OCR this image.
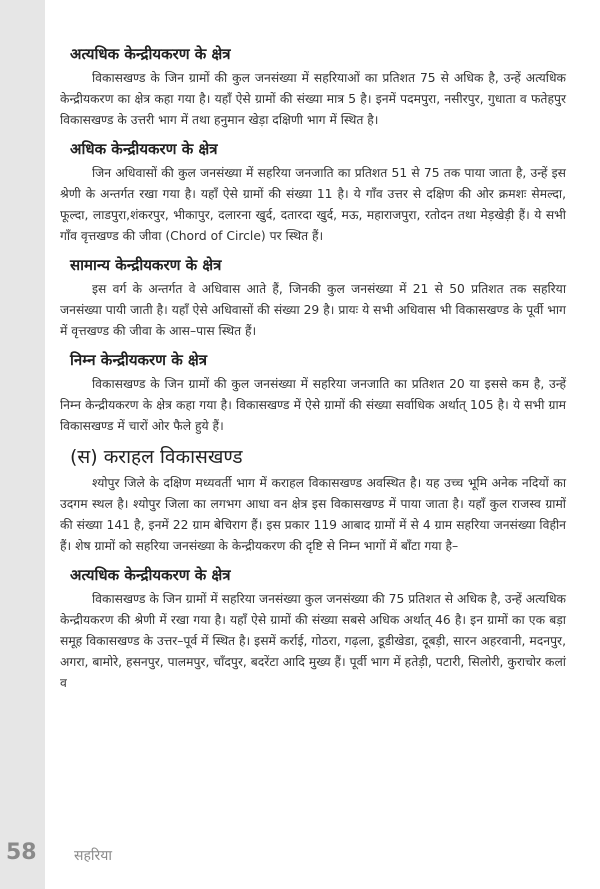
अत्यधिक केन्द्रीयकरण के क्षेत्र

विकासखण्ड के जिन ग्रामों की कुल जनसंख्या में सहरियाओं का प्रतिशत 75 से अधिक है, उन्हें अत्यधिक केन्द्रीयकरण का क्षेत्र कहा गया है। यहाँ ऐसे ग्रामों की संख्या मात्र 5 है। इनमें पदमपुरा, नसीरपुर, गुधाता व फतेहपुर विकासखण्ड के उत्तरी भाग में तथा हनुमान खेड़ा दक्षिणी भाग में स्थित है।

अधिक केन्द्रीयकरण के क्षेत्र

जिन अधिवासों की कुल जनसंख्या में सहरिया जनजाति का प्रतिशत 51 से 75 तक पाया जाता है, उन्हें इस श्रेणी के अन्तर्गत रखा गया है। यहाँ ऐसे ग्रामों की संख्या 11 है। ये गाँव उत्तर से दक्षिण की ओर क्रमशः सेमल्दा, फूल्दा, लाडपुरा,शंकरपुर, भीकापुर, दलारना खुर्द, दतारदा खुर्द, मऊ, महाराजपुरा, रतोदन तथा मेड़खेड़ी हैं। ये सभी गाँव वृत्तखण्ड की जीवा (Chord of Circle) पर स्थित हैं।

सामान्य केन्द्रीयकरण के क्षेत्र

इस वर्ग के अन्तर्गत वे अधिवास आते हैं, जिनकी कुल जनसंख्या में 21 से 50 प्रतिशत तक सहरिया जनसंख्या पायी जाती है। यहाँ ऐसे अधिवासों की संख्या 29 है। प्रायः ये सभी अधिवास भी विकासखण्ड के पूर्वी भाग में वृत्तखण्ड की जीवा के आस–पास स्थित हैं।

निम्न केन्द्रीयकरण के क्षेत्र

विकासखण्ड के जिन ग्रामों की कुल जनसंख्या में सहरिया जनजाति का प्रतिशत 20 या इससे कम है, उन्हें निम्न केन्द्रीयकरण के क्षेत्र कहा गया है। विकासखण्ड में ऐसे ग्रामों की संख्या सर्वाधिक अर्थात् 105 है। ये सभी ग्राम विकासखण्ड में चारों ओर फैले हुये हैं।

(स) कराहल विकासखण्ड

श्योपुर जिले के दक्षिण मध्यवर्ती भाग में कराहल विकासखण्ड अवस्थित है। यह उच्च भूमि अनेक नदियों का उदगम स्थल है। श्योपुर जिला का लगभग आधा वन क्षेत्र इस विकासखण्ड में पाया जाता है। यहाँ कुल राजस्व ग्रामों की संख्या 141 है, इनमें 22 ग्राम बेचिराग हैं। इस प्रकार 119 आबाद ग्रामों में से 4 ग्राम सहरिया जनसंख्या विहीन हैं। शेष ग्रामों को सहरिया जनसंख्या के केन्द्रीयकरण की दृष्टि से निम्न भागों में बाँटा गया है–

अत्यधिक केन्द्रीयकरण के क्षेत्र

विकासखण्ड के जिन ग्रामों में सहरिया जनसंख्या कुल जनसंख्या की 75 प्रतिशत से अधिक है, उन्हें अत्यधिक केन्द्रीयकरण की श्रेणी में रखा गया है। यहाँ ऐसे ग्रामों की संख्या सबसे अधिक अर्थात् 46 है। इन ग्रामों का एक बड़ा समूह विकासखण्ड के उत्तर–पूर्व में स्थित है। इसमें कर्राई, गोठरा, गढ़ला, डूडीखेडा, दूबड़ी, सारन अहरवानी, मदनपुर, अगरा, बामोरे, हसनपुर, पालमपुर, चाँदपुर, बदरेंटा आदि मुख्य हैं। पूर्वी भाग में हतेड़ी, पटारी, सिलोरी, कुराचोर कलां व

58	सहरिया
